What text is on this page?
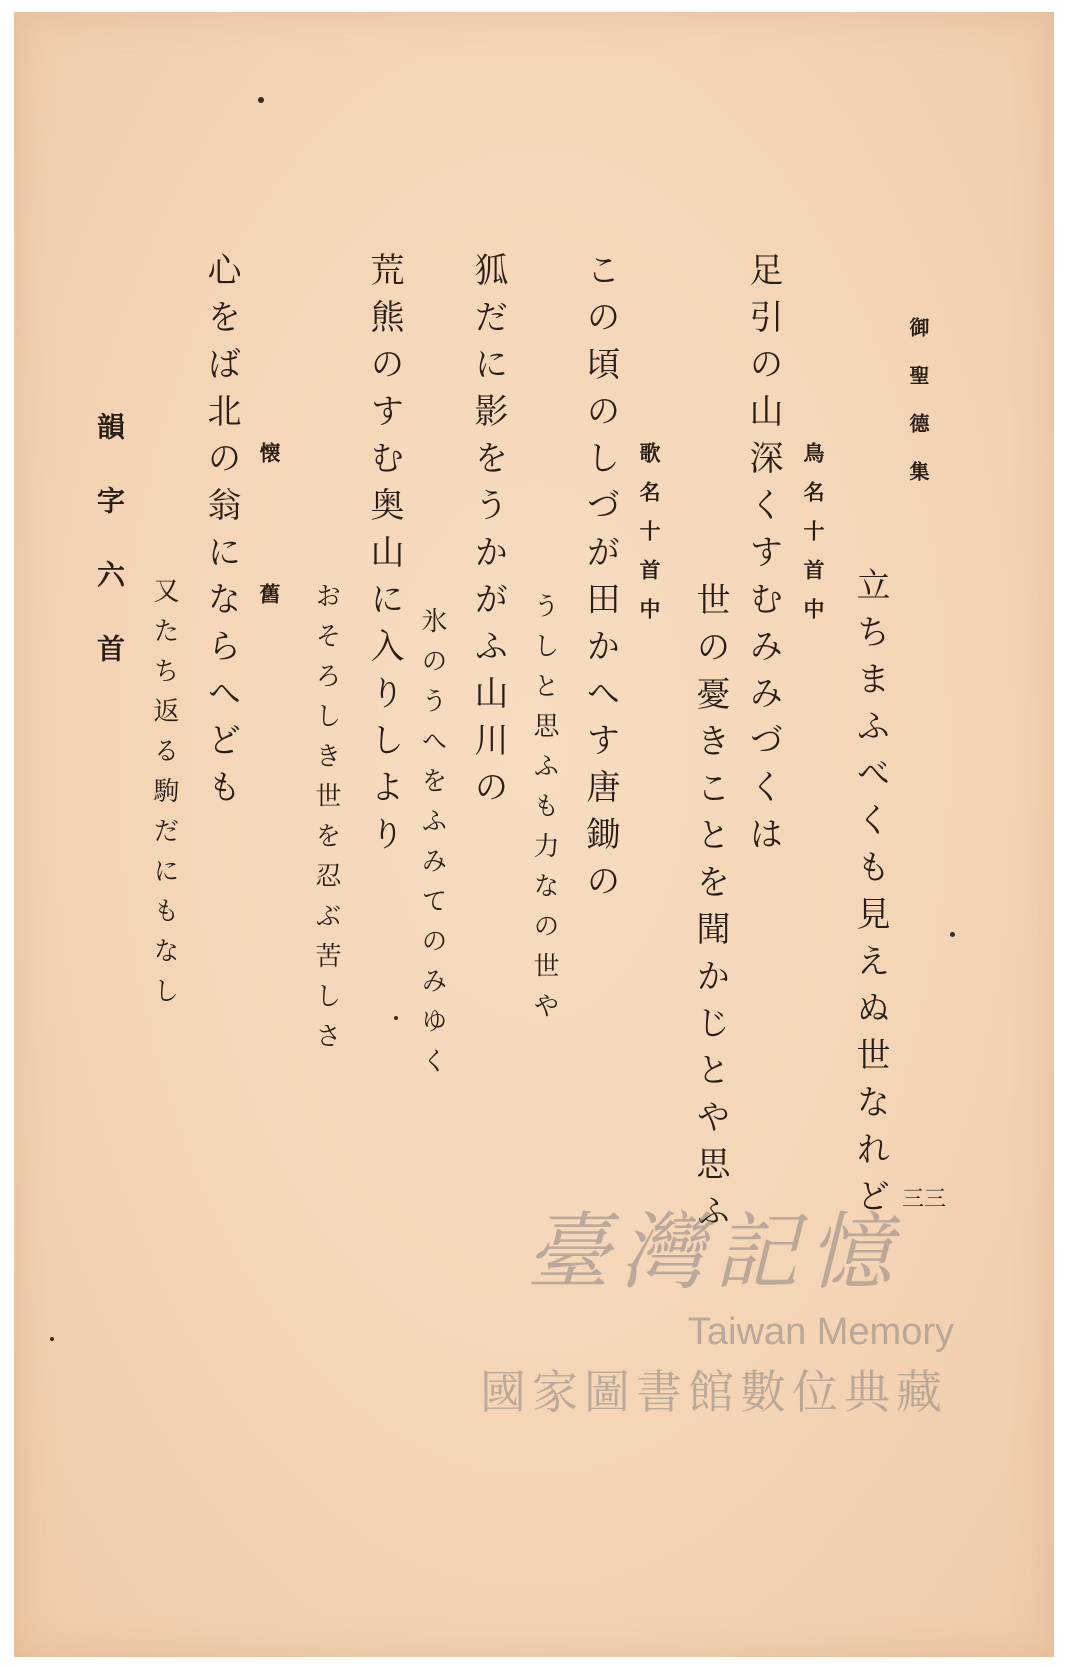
御聖德集
立ちまふべくも見えぬ世なれど
鳥名十首中
世の憂きことを聞かじとや思ふ
足引の山深くすむみみづくは
歌名十首中
この頃のしづが田かへす唐鋤の
うしと思ふも力なの世や
狐だに影をうかがふ山川の
氷のうへをふみてのみゆく
荒熊のすむ奥山に入りしより
おそろしき世を忍ぶ苦しさ
懐舊
心をば北の翁にならへども
又たち返る駒だにもなし
韻字六首
三三
臺灣記憶
Taiwan Memory
國家圖書館數位典藏
